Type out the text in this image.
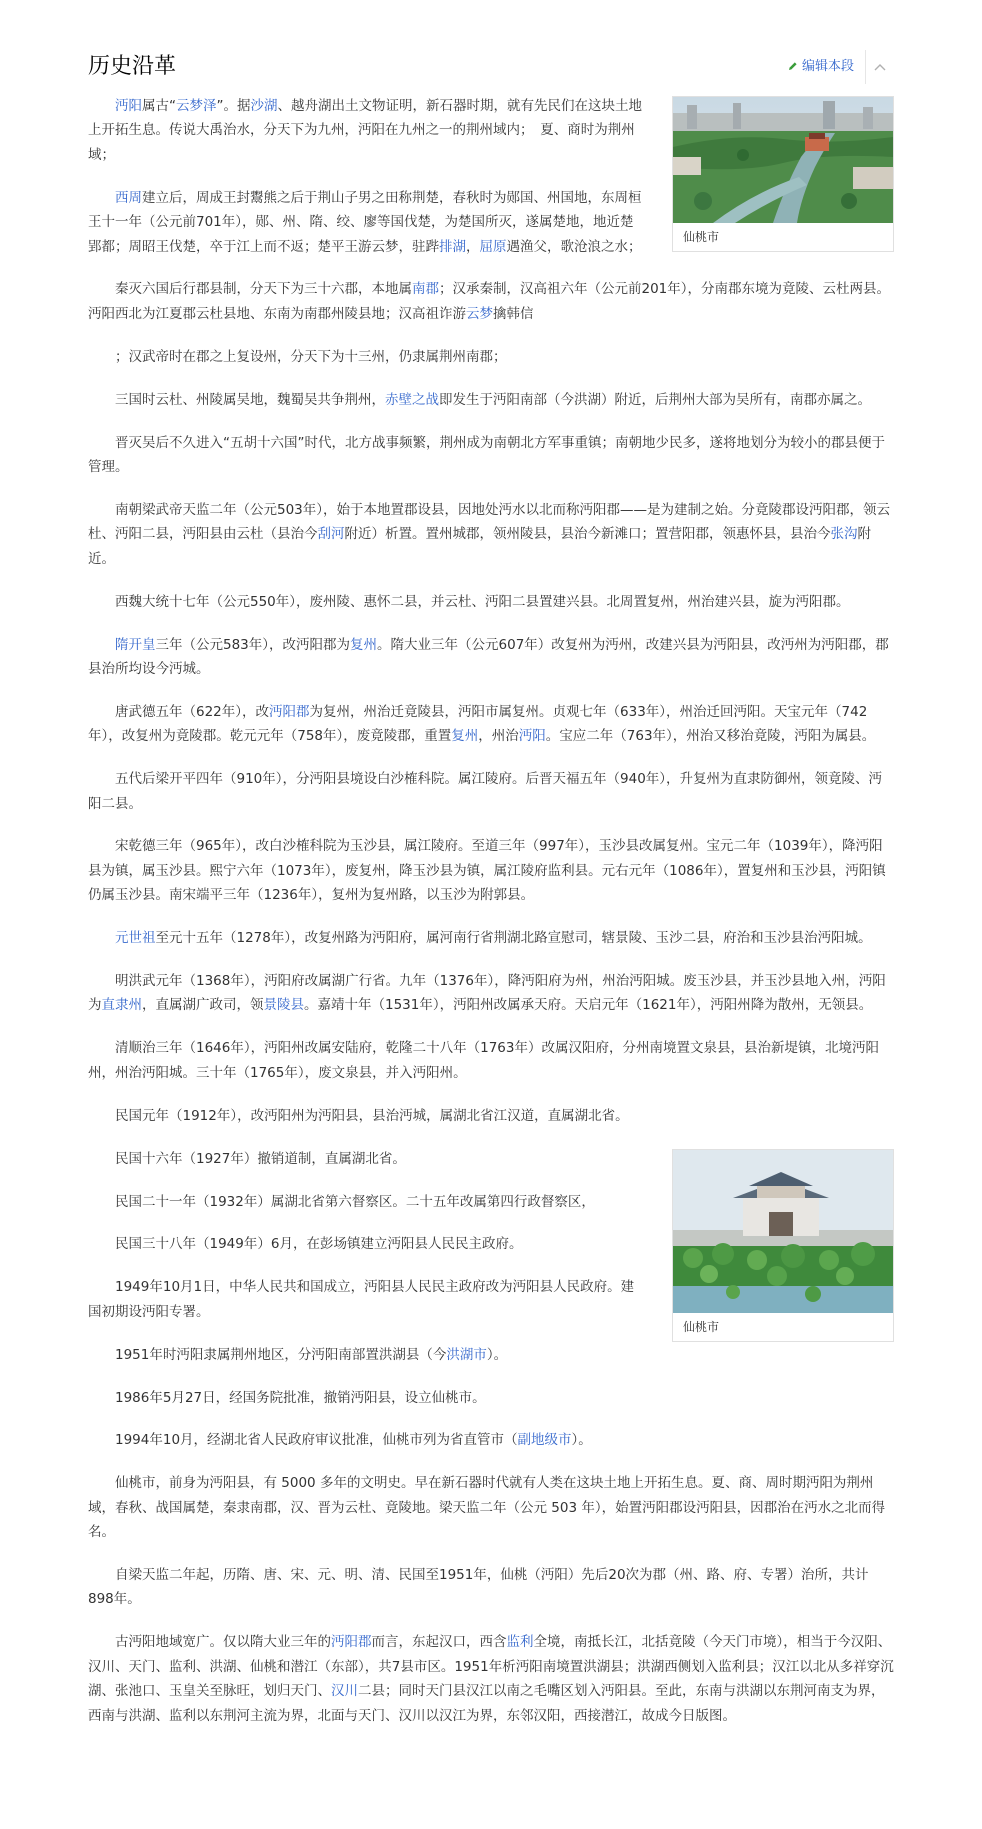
历史沿革	编辑本段
仙桃市

沔阳属古“云梦泽”。据沙湖、越舟湖出土文物证明，新石器时期，就有先民们在这块土地上开拓生息。传说大禹治水，分天下为九州，沔阳在九州之一的荆州域内；　夏、商时为荆州域；

西周建立后，周成王封鬻熊之后于荆山子男之田称荆楚，春秋时为郧国、州国地，东周桓王十一年（公元前701年），郧、州、隋、绞、廖等国伐楚，为楚国所灭，遂属楚地，地近楚郢都；周昭王伐楚，卒于江上而不返；楚平王游云梦，驻跸排湖，屈原遇渔父，歌沧浪之水；

秦灭六国后行郡县制，分天下为三十六郡，本地属南郡；汉承秦制，汉高祖六年（公元前201年），分南郡东境为竟陵、云杜两县。沔阳西北为江夏郡云杜县地、东南为南郡州陵县地；汉高祖诈游云梦擒韩信

；汉武帝时在郡之上复设州，分天下为十三州，仍隶属荆州南郡；

三国时云杜、州陵属吴地，魏蜀吴共争荆州，赤壁之战即发生于沔阳南部（今洪湖）附近，后荆州大部为吴所有，南郡亦属之。

晋灭吴后不久进入“五胡十六国”时代，北方战事频繁，荆州成为南朝北方军事重镇；南朝地少民多，遂将地划分为较小的郡县便于管理。

南朝梁武帝天监二年（公元503年），始于本地置郡设县，因地处沔水以北而称沔阳郡——是为建制之始。分竟陵郡设沔阳郡，领云杜、沔阳二县，沔阳县由云杜（县治今刮河附近）析置。置州城郡，领州陵县，县治今新滩口；置营阳郡，领惠怀县，县治今张沟附近。

西魏大统十七年（公元550年），废州陵、惠怀二县，并云杜、沔阳二县置建兴县。北周置复州，州治建兴县，旋为沔阳郡。

隋开皇三年（公元583年），改沔阳郡为复州。隋大业三年（公元607年）改复州为沔州，改建兴县为沔阳县，改沔州为沔阳郡，郡县治所均设今沔城。

唐武德五年（622年），改沔阳郡为复州，州治迁竟陵县，沔阳市属复州。贞观七年（633年），州治迁回沔阳。天宝元年（742年），改复州为竟陵郡。乾元元年（758年），废竟陵郡，重置复州，州治沔阳。宝应二年（763年），州治又移治竟陵，沔阳为属县。

五代后梁开平四年（910年），分沔阳县境设白沙榷科院。属江陵府。后晋天福五年（940年），升复州为直隶防御州，领竟陵、沔阳二县。

宋乾德三年（965年），改白沙榷科院为玉沙县，属江陵府。至道三年（997年），玉沙县改属复州。宝元二年（1039年），降沔阳县为镇，属玉沙县。熙宁六年（1073年），废复州，降玉沙县为镇，属江陵府监利县。元右元年（1086年），置复州和玉沙县，沔阳镇仍属玉沙县。南宋端平三年（1236年），复州为复州路，以玉沙为附郭县。

元世祖至元十五年（1278年），改复州路为沔阳府，属河南行省荆湖北路宣慰司，辖景陵、玉沙二县，府治和玉沙县治沔阳城。

明洪武元年（1368年），沔阳府改属湖广行省。九年（1376年），降沔阳府为州，州治沔阳城。废玉沙县，并玉沙县地入州，沔阳为直隶州，直属湖广政司，领景陵县。嘉靖十年（1531年），沔阳州改属承天府。天启元年（1621年），沔阳州降为散州，无领县。

清顺治三年（1646年），沔阳州改属安陆府，乾隆二十八年（1763年）改属汉阳府，分州南境置文泉县，县治新堤镇，北境沔阳州，州治沔阳城。三十年（1765年），废文泉县，并入沔阳州。

民国元年（1912年），改沔阳州为沔阳县，县治沔城，属湖北省江汉道，直属湖北省。

仙桃市

民国十六年（1927年）撤销道制，直属湖北省。

民国二十一年（1932年）属湖北省第六督察区。二十五年改属第四行政督察区，

民国三十八年（1949年）6月，在彭场镇建立沔阳县人民民主政府。

1949年10月1日，中华人民共和国成立，沔阳县人民民主政府改为沔阳县人民政府。建国初期设沔阳专署。

1951年时沔阳隶属荆州地区，分沔阳南部置洪湖县（今洪湖市）。

1986年5月27日，经国务院批准，撤销沔阳县，设立仙桃市。

1994年10月，经湖北省人民政府审议批准，仙桃市列为省直管市（副地级市）。

仙桃市，前身为沔阳县，有 5000 多年的文明史。早在新石器时代就有人类在这块土地上开拓生息。夏、商、周时期沔阳为荆州域，春秋、战国属楚，秦隶南郡，汉、晋为云杜、竟陵地。梁天监二年（公元 503 年），始置沔阳郡设沔阳县，因郡治在沔水之北而得名。

自梁天监二年起，历隋、唐、宋、元、明、清、民国至1951年，仙桃（沔阳）先后20次为郡（州、路、府、专署）治所，共计898年。

古沔阳地域宽广。仅以隋大业三年的沔阳郡而言，东起汉口，西含监利全境，南抵长江，北括竟陵（今天门市境），相当于今汉阳、汉川、天门、监利、洪湖、仙桃和潜江（东部），共7县市区。1951年析沔阳南境置洪湖县；洪湖西侧划入监利县；汉江以北从多祥穿沉湖、张池口、玉皇关至脉旺，划归天门、汉川二县；同时天门县汉江以南之毛嘴区划入沔阳县。至此，东南与洪湖以东荆河南支为界，西南与洪湖、监利以东荆河主流为界，北面与天门、汉川以汉江为界，东邻汉阳，西接潜江，故成今日版图。
